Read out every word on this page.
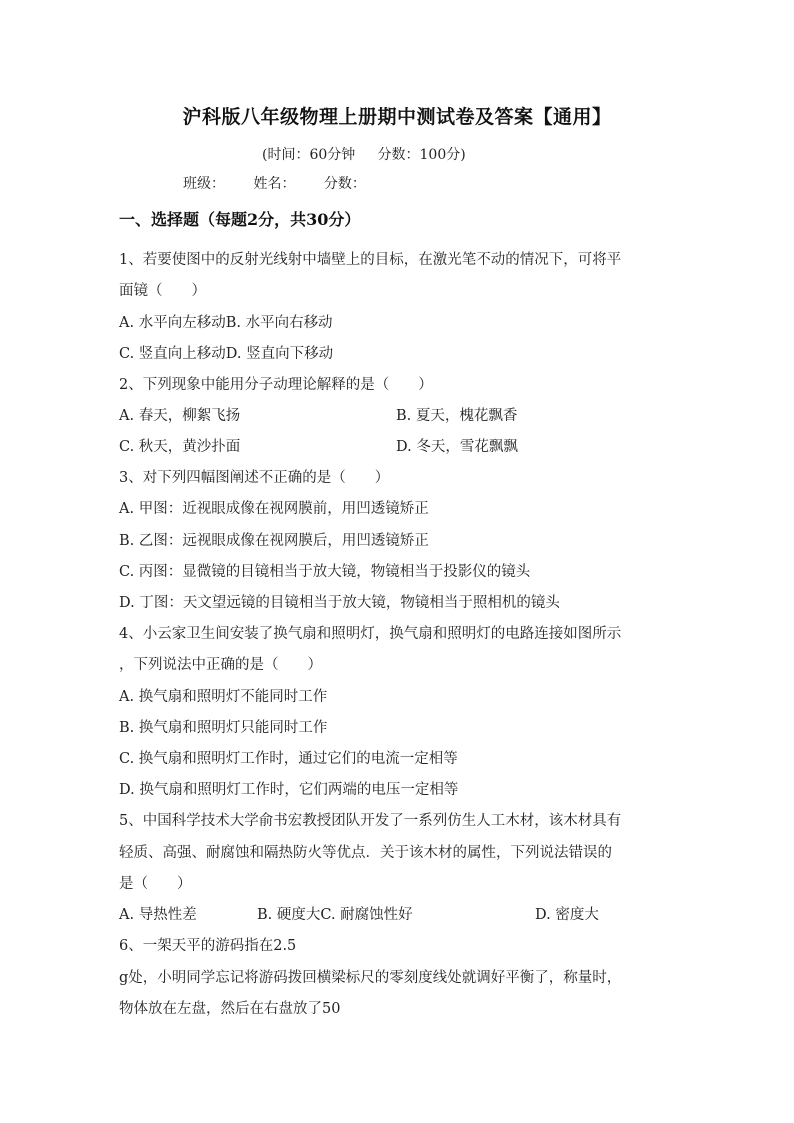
沪科版八年级物理上册期中测试卷及答案【通用】
(时间：60分钟     分数：100分)
班级： 姓名： 分数：
一、选择题（每题2分，共30分）
1、若要使图中的反射光线射中墙壁上的目标，在激光笔不动的情况下，可将平
面镜（　　）
A. 水平向左移动B. 水平向右移动
C. 竖直向上移动D. 竖直向下移动
2、下列现象中能用分子动理论解释的是（　　）
A. 春天，柳絮飞扬	B. 夏天，槐花飘香
C. 秋天，黄沙扑面	D. 冬天，雪花飘飘
3、对下列四幅图阐述不正确的是（　　）
A. 甲图：近视眼成像在视网膜前，用凹透镜矫正
B. 乙图：远视眼成像在视网膜后，用凹透镜矫正
C. 丙图：显微镜的目镜相当于放大镜，物镜相当于投影仪的镜头
D. 丁图：天文望远镜的目镜相当于放大镜，物镜相当于照相机的镜头
4、小云家卫生间安装了换气扇和照明灯，换气扇和照明灯的电路连接如图所示
，下列说法中正确的是（　　）
A. 换气扇和照明灯不能同时工作
B. 换气扇和照明灯只能同时工作
C. 换气扇和照明灯工作时，通过它们的电流一定相等
D. 换气扇和照明灯工作时，它们两端的电压一定相等
5、中国科学技术大学俞书宏教授团队开发了一系列仿生人工木材，该木材具有
轻质、高强、耐腐蚀和隔热防火等优点．关于该木材的属性，下列说法错误的
是（　　）
A. 导热性差	B. 硬度大C. 耐腐蚀性好	D. 密度大
6、一架天平的游码指在2.5
g处，小明同学忘记将游码拨回横梁标尺的零刻度线处就调好平衡了，称量时，
物体放在左盘，然后在右盘放了50
